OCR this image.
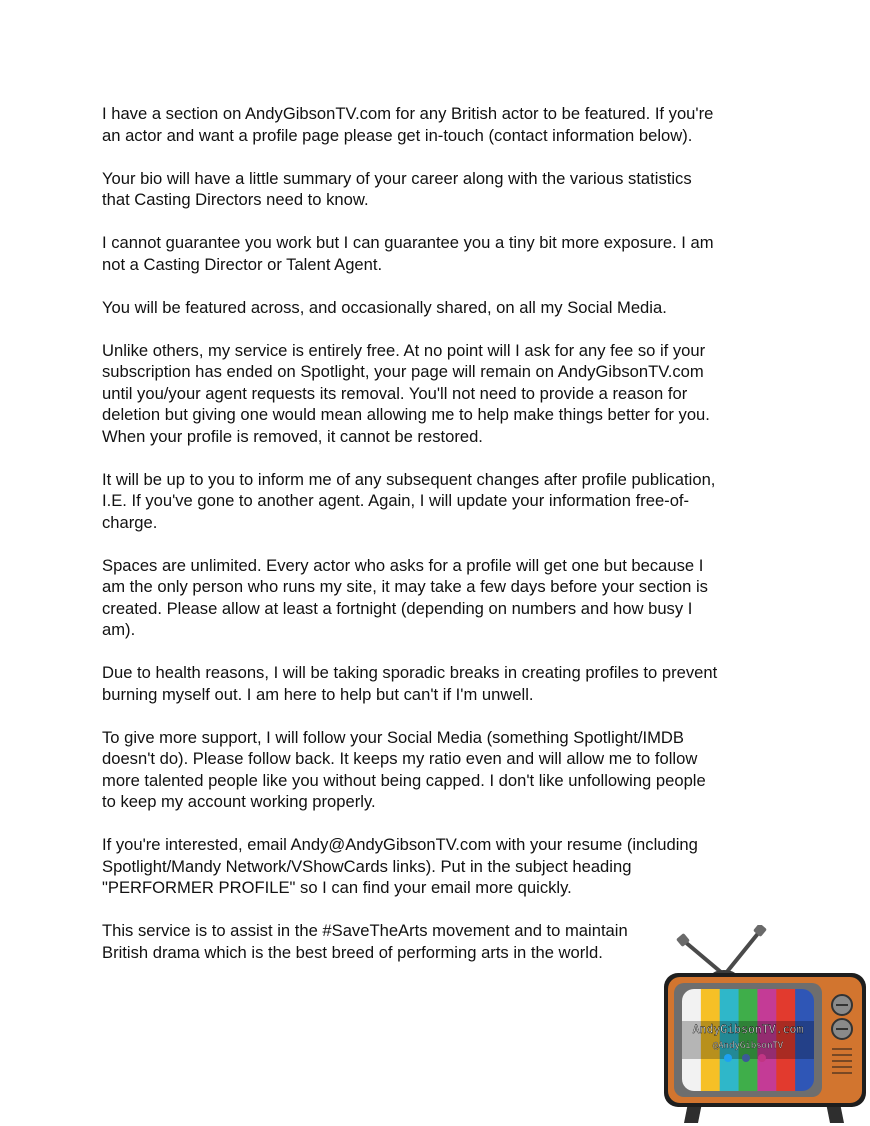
I have a section on AndyGibsonTV.com for any British actor to be featured. If you're
an actor and want a profile page please get in-touch (contact information below).

Your bio will have a little summary of your career along with the various statistics
that Casting Directors need to know.

I cannot guarantee you work but I can guarantee you a tiny bit more exposure. I am
not a Casting Director or Talent Agent.

You will be featured across, and occasionally shared, on all my Social Media.

Unlike others, my service is entirely free. At no point will I ask for any fee so if your
subscription has ended on Spotlight, your page will remain on AndyGibsonTV.com
until you/your agent requests its removal. You'll not need to provide a reason for
deletion but giving one would mean allowing me to help make things better for you.
When your profile is removed, it cannot be restored.

It will be up to you to inform me of any subsequent changes after profile publication,
I.E. If you've gone to another agent. Again, I will update your information free-of-
charge.

Spaces are unlimited. Every actor who asks for a profile will get one but because I
am the only person who runs my site, it may take a few days before your section is
created. Please allow at least a fortnight (depending on numbers and how busy I
am).

Due to health reasons, I will be taking sporadic breaks in creating profiles to prevent
burning myself out. I am here to help but can't if I'm unwell.

To give more support, I will follow your Social Media (something Spotlight/IMDB
doesn't do). Please follow back. It keeps my ratio even and will allow me to follow
more talented people like you without being capped. I don't like unfollowing people
to keep my account working properly.

If you're interested, email Andy@AndyGibsonTV.com with your resume (including
Spotlight/Mandy Network/VShowCards links). Put in the subject heading
"PERFORMER PROFILE" so I can find your email more quickly.

This service is to assist in the #SaveTheArts movement and to maintain
British drama which is the best breed of performing arts in the world.

AndyGibsonTV.com
@AndyGibsonTV
